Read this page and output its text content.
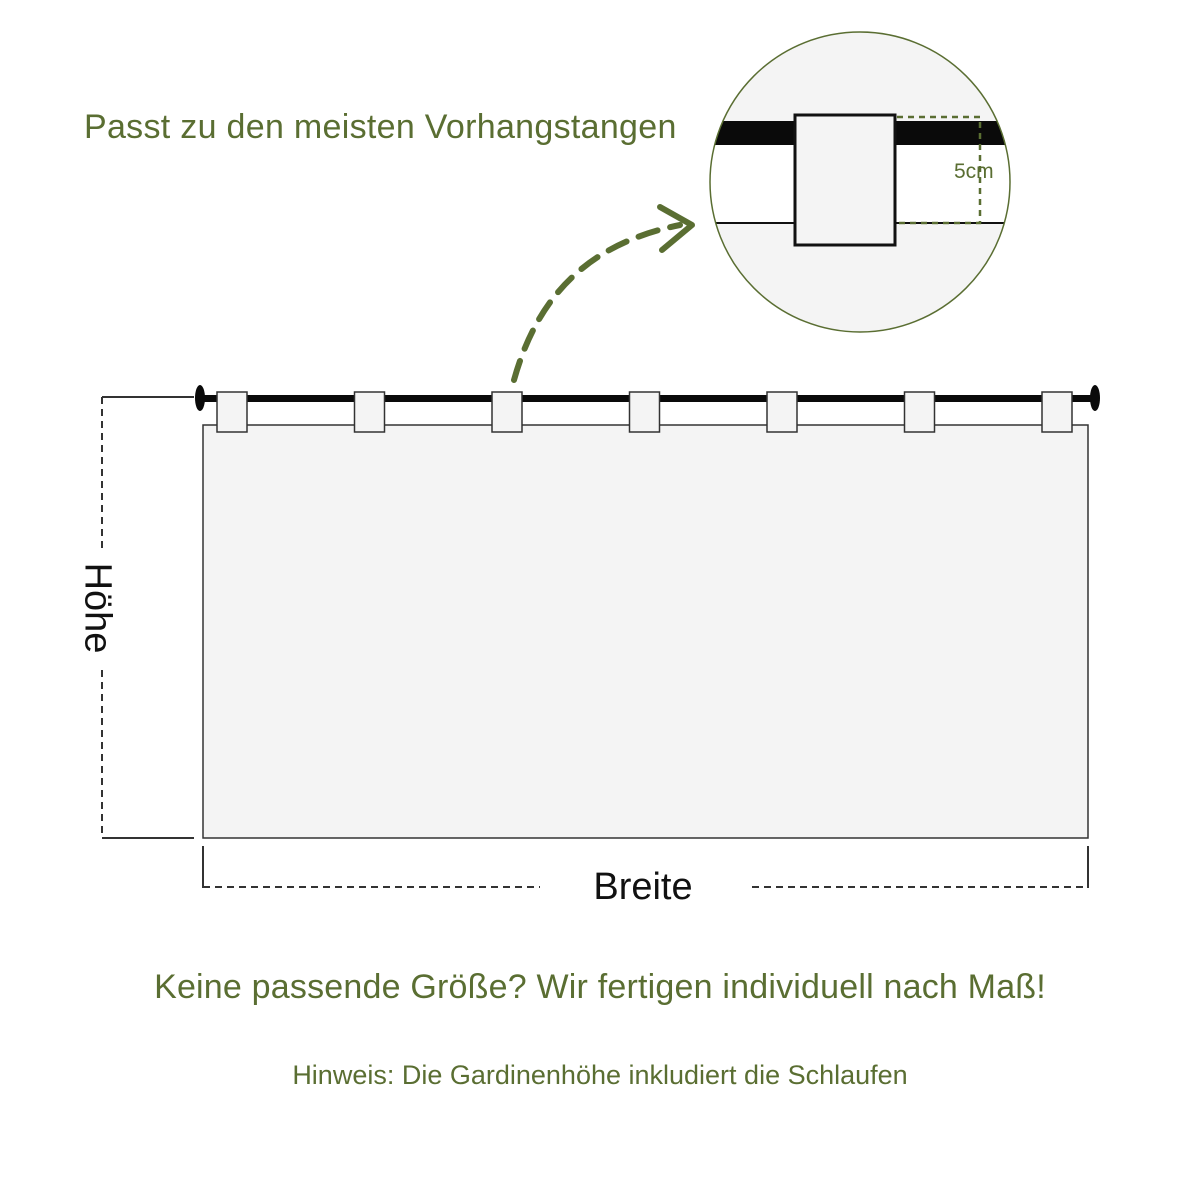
Passt zu den meisten Vorhangstangen
5cm
Höhe
Breite
Keine passende Größe? Wir fertigen individuell nach Maß!
Hinweis: Die Gardinenhöhe inkludiert die Schlaufen
